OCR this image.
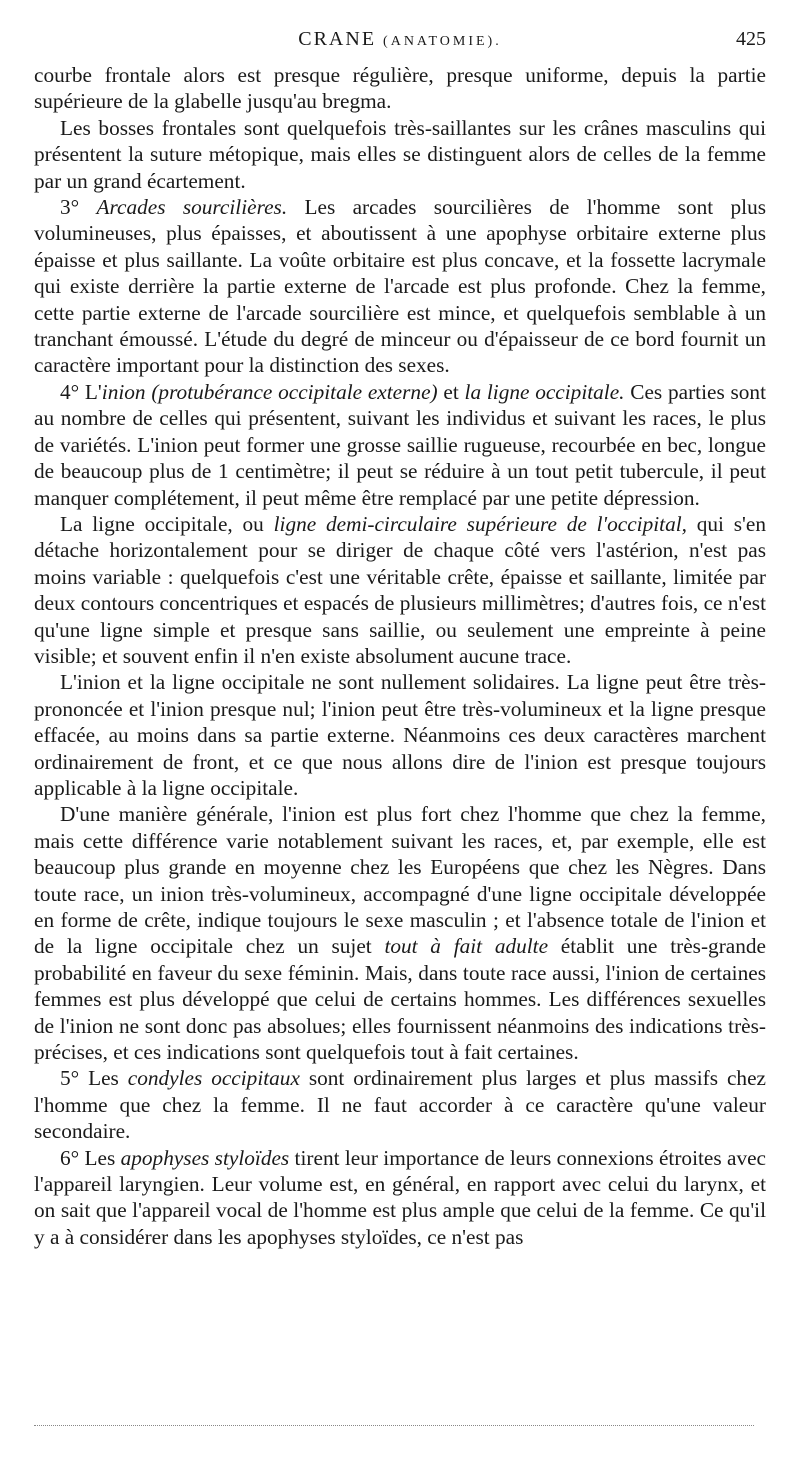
CRANE (ANATOMIE).	425

courbe frontale alors est presque régulière, presque uniforme, depuis la partie supérieure de la glabelle jusqu'au bregma.

Les bosses frontales sont quelquefois très-saillantes sur les crânes masculins qui présentent la suture métopique, mais elles se distinguent alors de celles de la femme par un grand écartement.

3° Arcades sourcilières. Les arcades sourcilières de l'homme sont plus volumineuses, plus épaisses, et aboutissent à une apophyse orbitaire externe plus épaisse et plus saillante. La voûte orbitaire est plus concave, et la fossette lacrymale qui existe derrière la partie externe de l'arcade est plus profonde. Chez la femme, cette partie externe de l'arcade sourcilière est mince, et quelquefois semblable à un tranchant émoussé. L'étude du degré de minceur ou d'épaisseur de ce bord fournit un caractère important pour la distinction des sexes.

4° L'inion (protubérance occipitale externe) et la ligne occipitale. Ces parties sont au nombre de celles qui présentent, suivant les individus et suivant les races, le plus de variétés. L'inion peut former une grosse saillie rugueuse, recourbée en bec, longue de beaucoup plus de 1 centimètre; il peut se réduire à un tout petit tubercule, il peut manquer complétement, il peut même être remplacé par une petite dépression.

La ligne occipitale, ou ligne demi-circulaire supérieure de l'occipital, qui s'en détache horizontalement pour se diriger de chaque côté vers l'astérion, n'est pas moins variable : quelquefois c'est une véritable crête, épaisse et saillante, limitée par deux contours concentriques et espacés de plusieurs millimètres; d'autres fois, ce n'est qu'une ligne simple et presque sans saillie, ou seulement une empreinte à peine visible; et souvent enfin il n'en existe absolument aucune trace.

L'inion et la ligne occipitale ne sont nullement solidaires. La ligne peut être très-prononcée et l'inion presque nul; l'inion peut être très-volumineux et la ligne presque effacée, au moins dans sa partie externe. Néanmoins ces deux caractères marchent ordinairement de front, et ce que nous allons dire de l'inion est presque toujours applicable à la ligne occipitale.

D'une manière générale, l'inion est plus fort chez l'homme que chez la femme, mais cette différence varie notablement suivant les races, et, par exemple, elle est beaucoup plus grande en moyenne chez les Européens que chez les Nègres. Dans toute race, un inion très-volumineux, accompagné d'une ligne occipitale développée en forme de crête, indique toujours le sexe masculin ; et l'absence totale de l'inion et de la ligne occipitale chez un sujet tout à fait adulte établit une très-grande probabilité en faveur du sexe féminin. Mais, dans toute race aussi, l'inion de certaines femmes est plus développé que celui de certains hommes. Les différences sexuelles de l'inion ne sont donc pas absolues; elles fournissent néanmoins des indications très-précises, et ces indications sont quelquefois tout à fait certaines.

5° Les condyles occipitaux sont ordinairement plus larges et plus massifs chez l'homme que chez la femme. Il ne faut accorder à ce caractère qu'une valeur secondaire.

6° Les apophyses styloïdes tirent leur importance de leurs connexions étroites avec l'appareil laryngien. Leur volume est, en général, en rapport avec celui du larynx, et on sait que l'appareil vocal de l'homme est plus ample que celui de la femme. Ce qu'il y a à considérer dans les apophyses styloïdes, ce n'est pas
